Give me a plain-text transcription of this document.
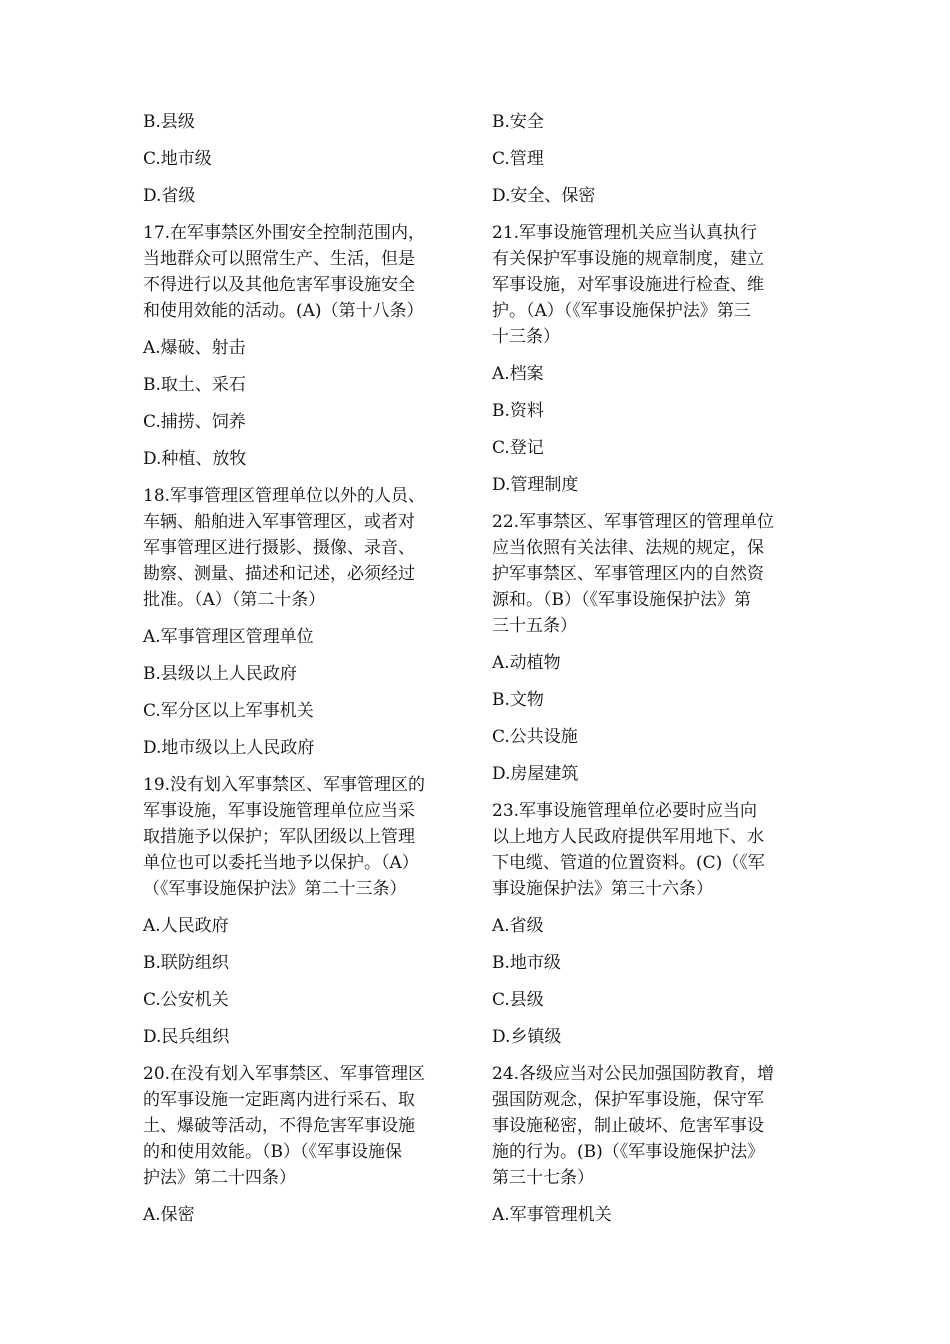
B.县级

C.地市级

D.省级

17.在军事禁区外围安全控制范围内，

当地群众可以照常生产、生活，但是

不得进行以及其他危害军事设施安全

和使用效能的活动。(A)（第十八条）

A.爆破、射击

B.取土、采石

C.捕捞、饲养

D.种植、放牧

18.军事管理区管理单位以外的人员、

车辆、船舶进入军事管理区，或者对

军事管理区进行摄影、摄像、录音、

勘察、测量、描述和记述，必须经过

批准。（A）（第二十条）

A.军事管理区管理单位

B.县级以上人民政府

C.军分区以上军事机关

D.地市级以上人民政府

19.没有划入军事禁区、军事管理区的

军事设施，军事设施管理单位应当采

取措施予以保护；军队团级以上管理

单位也可以委托当地予以保护。（A）

（《军事设施保护法》第二十三条）

A.人民政府

B.联防组织

C.公安机关

D.民兵组织

20.在没有划入军事禁区、军事管理区

的军事设施一定距离内进行采石、取

土、爆破等活动，不得危害军事设施

的和使用效能。（B）（《军事设施保

护法》第二十四条）

A.保密

B.安全

C.管理

D.安全、保密

21.军事设施管理机关应当认真执行

有关保护军事设施的规章制度，建立

军事设施，对军事设施进行检查、维

护。（A）（《军事设施保护法》第三

十三条）

A.档案

B.资料

C.登记

D.管理制度

22.军事禁区、军事管理区的管理单位

应当依照有关法律、法规的规定，保

护军事禁区、军事管理区内的自然资

源和。（B）（《军事设施保护法》第

三十五条）

A.动植物

B.文物

C.公共设施

D.房屋建筑

23.军事设施管理单位必要时应当向

以上地方人民政府提供军用地下、水

下电缆、管道的位置资料。(C)（《军

事设施保护法》第三十六条）

A.省级

B.地市级

C.县级

D.乡镇级

24.各级应当对公民加强国防教育，增

强国防观念，保护军事设施，保守军

事设施秘密，制止破坏、危害军事设

施的行为。(B)（《军事设施保护法》

第三十七条）

A.军事管理机关
